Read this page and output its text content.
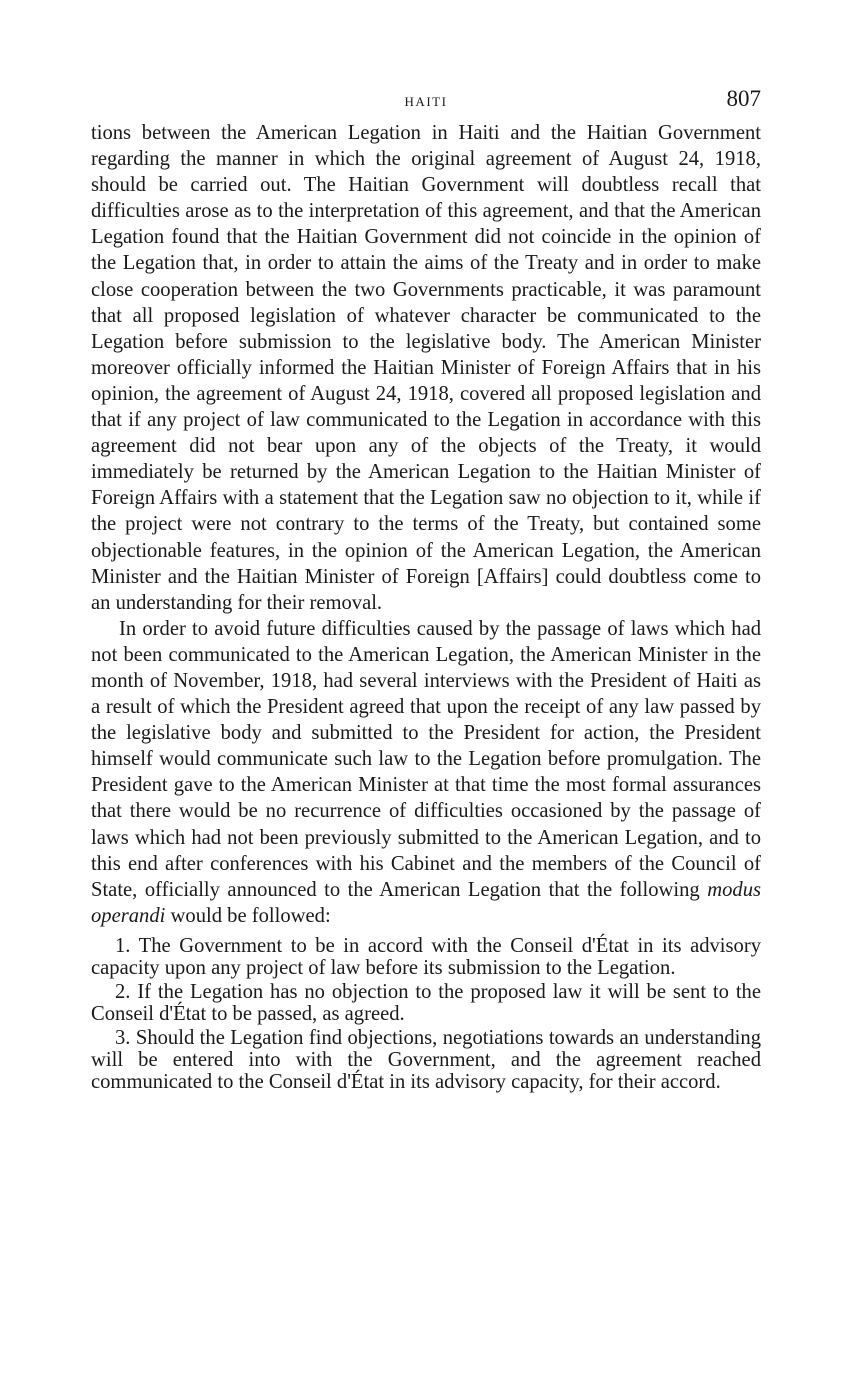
HAITI	807

tions between the American Legation in Haiti and the Haitian Government regarding the manner in which the original agreement of August 24, 1918, should be carried out. The Haitian Government will doubtless recall that difficulties arose as to the interpretation of this agreement, and that the American Legation found that the Haitian Government did not coincide in the opinion of the Legation that, in order to attain the aims of the Treaty and in order to make close cooperation between the two Governments practicable, it was paramount that all proposed legislation of whatever character be communicated to the Legation before submission to the legislative body. The American Minister moreover officially informed the Haitian Minister of Foreign Affairs that in his opinion, the agreement of August 24, 1918, covered all proposed legislation and that if any project of law communicated to the Legation in accordance with this agreement did not bear upon any of the objects of the Treaty, it would immediately be returned by the American Legation to the Haitian Minister of Foreign Affairs with a statement that the Legation saw no objection to it, while if the project were not contrary to the terms of the Treaty, but contained some objectionable features, in the opinion of the American Legation, the American Minister and the Haitian Minister of Foreign [Affairs] could doubtless come to an understanding for their removal.

In order to avoid future difficulties caused by the passage of laws which had not been communicated to the American Legation, the American Minister in the month of November, 1918, had several interviews with the President of Haiti as a result of which the President agreed that upon the receipt of any law passed by the legislative body and submitted to the President for action, the President himself would communicate such law to the Legation before promulgation. The President gave to the American Minister at that time the most formal assurances that there would be no recurrence of difficulties occasioned by the passage of laws which had not been previously submitted to the American Legation, and to this end after conferences with his Cabinet and the members of the Council of State, officially announced to the American Legation that the following modus operandi would be followed:

1. The Government to be in accord with the Conseil d'État in its advisory capacity upon any project of law before its submission to the Legation.

2. If the Legation has no objection to the proposed law it will be sent to the Conseil d'État to be passed, as agreed.

3. Should the Legation find objections, negotiations towards an understanding will be entered into with the Government, and the agreement reached communicated to the Conseil d'État in its advisory capacity, for their accord.
